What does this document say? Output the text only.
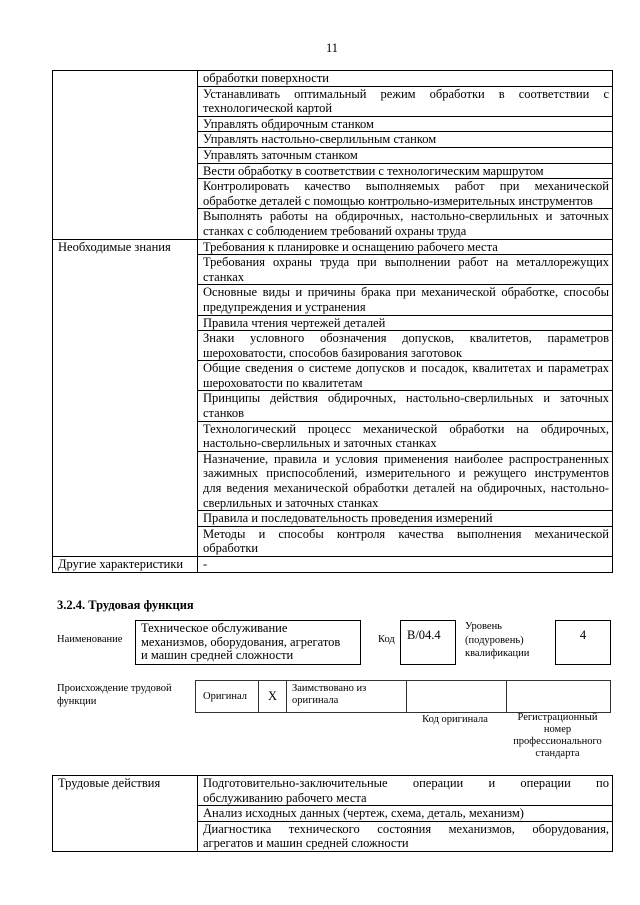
11

	обработки поверхности

	Устанавливать оптимальный режим обработки в соответствии с
технологической картой

	Управлять обдирочным станком

	Управлять настольно-сверлильным станком

	Управлять заточным станком

	Вести обработку в соответствии с технологическим маршрутом

	Контролировать качество выполняемых работ при механической
обработке деталей с помощью контрольно-измерительных инструментов

	Выполнять работы на обдирочных, настольно-сверлильных и заточных
станках с соблюдением требований охраны труда

Необходимые знания	Требования к планировке и оснащению рабочего места

	Требования охраны труда при выполнении работ на металлорежущих
станках

	Основные виды и причины брака при механической обработке, способы
предупреждения и устранения

	Правила чтения чертежей деталей

	Знаки условного обозначения допусков, квалитетов, параметров
шероховатости, способов базирования заготовок

	Общие сведения о системе допусков и посадок, квалитетах и параметрах
шероховатости по квалитетам

	Принципы действия обдирочных, настольно-сверлильных и заточных
станков

	Технологический процесс механической обработки на обдирочных,
настольно-сверлильных и заточных станках

	Назначение, правила и условия применения наиболее распространенных
зажимных приспособлений, измерительного и режущего инструментов
для ведения механической обработки деталей на обдирочных, настольно-
сверлильных и заточных станках

	Правила и последовательность проведения измерений

	Методы и способы контроля качества выполнения механической
обработки

Другие характеристики	-
3.2.4. Трудовая функция
Наименование
Техническое обслуживание
механизмов, оборудования, агрегатов
и машин средней сложности
Код B/04.4
Уровень (подуровень) квалификации
4
Происхождение трудовой функции	Оригинал	X
Заимствовано из оригинала
Код оригинала	Регистрационный номер профессионального стандарта
Трудовые действия	Подготовительно-заключительные операции и операции по
обслуживанию рабочего места

Анализ исходных данных (чертеж, схема, деталь, механизм)

Диагностика технического состояния механизмов, оборудования,
агрегатов и машин средней сложности
